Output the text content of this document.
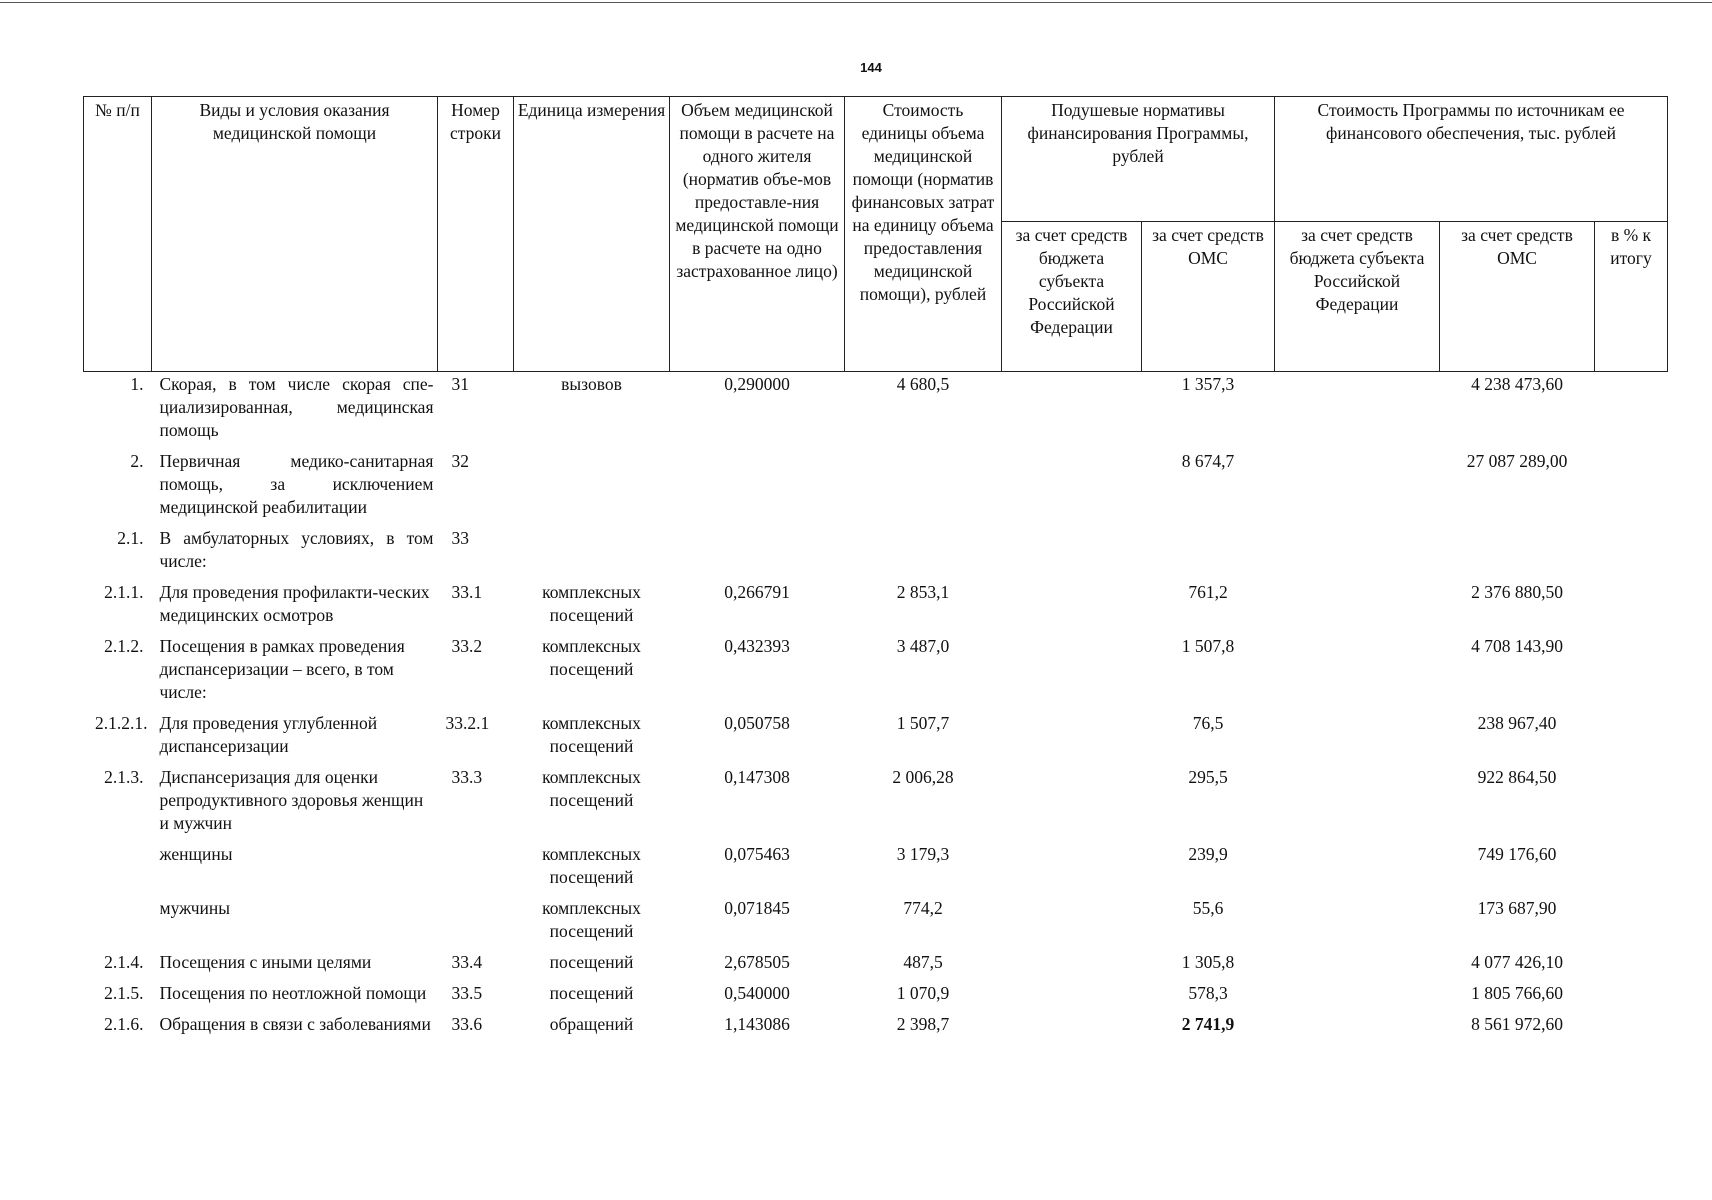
144
№ п/п	Виды и условия оказания медицинской помощи	Номер строки	Единица измерения	Объем медицинской помощи в расчете на одного жителя (норматив объе-мов предоставле-ния медицинской помощи в расчете на одно застрахованное лицо)	Стоимость единицы объема медицинской помощи (норматив финансовых затрат на единицу объема предоставления медицинской помощи), рублей	Подушевые нормативы финансирования Программы, рублей		Стоимость Программы по источникам ее финансового обеспечения, тыс. рублей		
						за счет средств бюджета субъекта Российской Федерации	за счет средств ОМС	за счет средств бюджета субъекта Российской Федерации	за счет средств ОМС	в % к итогу
1.	Скорая, в том числе скорая спе-циализированная, медицинская помощь	31	вызовов	0,290000	4 680,5		1 357,3		4 238 473,60	
2.	Первичная медико-санитарная помощь, за исключением медицинской реабилитации	32					8 674,7		27 087 289,00	
2.1.	В амбулаторных условиях, в том числе:	33								
2.1.1.	Для проведения профилакти-ческих медицинских осмотров	33.1	комплексных посещений	0,266791	2 853,1		761,2		2 376 880,50	
2.1.2.	Посещения в рамках проведения диспансеризации – всего, в том числе:	33.2	комплексных посещений	0,432393	3 487,0		1 507,8		4 708 143,90	
2.1.2.1.	Для проведения углубленной диспансеризации	33.2.1	комплексных посещений	0,050758	1 507,7		76,5		238 967,40	
2.1.3.	Диспансеризация для оценки репродуктивного здоровья женщин и мужчин	33.3	комплексных посещений	0,147308	2 006,28		295,5		922 864,50	
	женщины		комплексных посещений	0,075463	3 179,3		239,9		749 176,60	
	мужчины		комплексных посещений	0,071845	774,2		55,6		173 687,90	
2.1.4.	Посещения с иными целями	33.4	посещений	2,678505	487,5		1 305,8		4 077 426,10	
2.1.5.	Посещения по неотложной помощи	33.5	посещений	0,540000	1 070,9		578,3		1 805 766,60	
2.1.6.	Обращения в связи с заболеваниями	33.6	обращений	1,143086	2 398,7		2 741,9		8 561 972,60	
